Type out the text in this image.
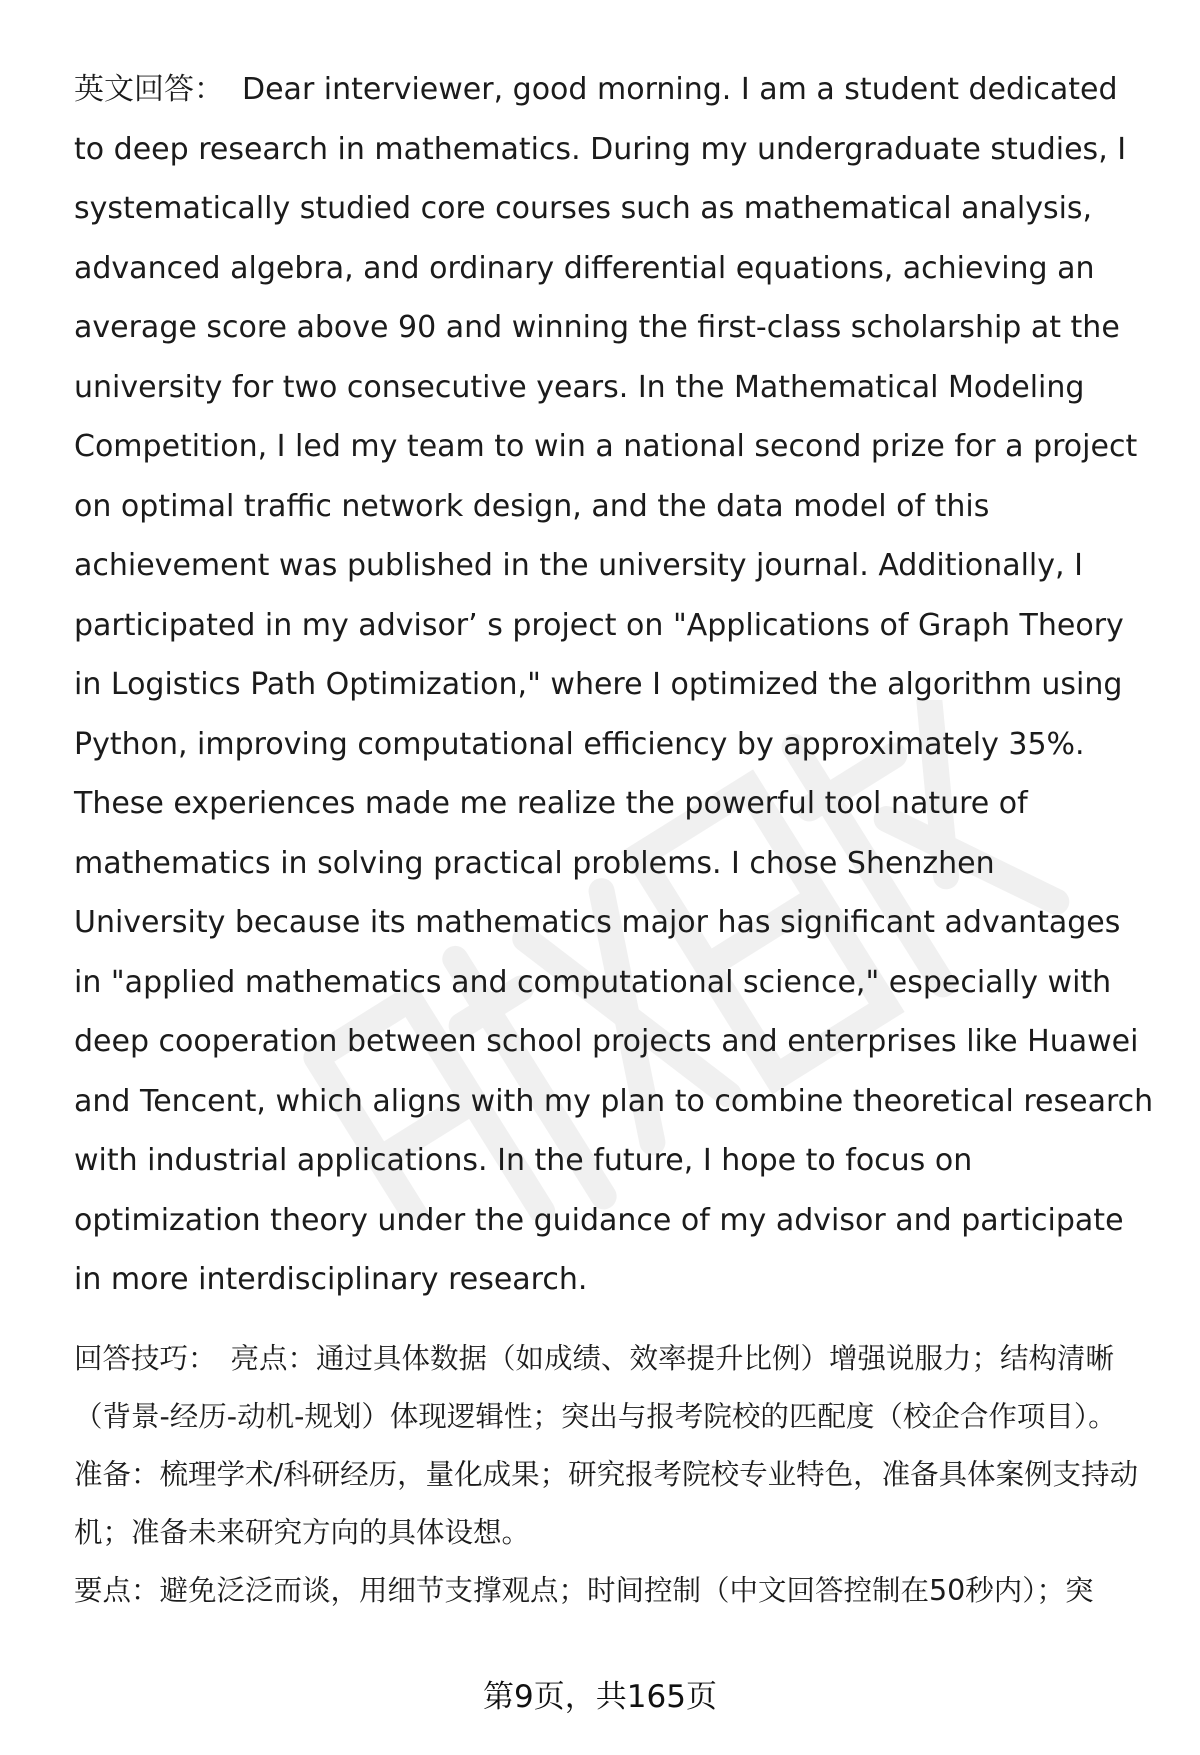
英文回答： Dear interviewer, good morning. I am a student dedicated to deep research in mathematics. During my undergraduate studies, I systematically studied core courses such as mathematical analysis, advanced algebra, and ordinary differential equations, achieving an average score above 90 and winning the first-class scholarship at the university for two consecutive years. In the Mathematical Modeling Competition, I led my team to win a national second prize for a project on optimal traffic network design, and the data model of this achievement was published in the university journal. Additionally, I participated in my advisor’ s project on "Applications of Graph Theory in Logistics Path Optimization," where I optimized the algorithm using Python, improving computational efficiency by approximately 35%. These experiences made me realize the powerful tool nature of mathematics in solving practical problems. I chose Shenzhen University because its mathematics major has significant advantages in "applied mathematics and computational science," especially with deep cooperation between school projects and enterprises like Huawei and Tencent, which aligns with my plan to combine theoretical research with industrial applications. In the future, I hope to focus on optimization theory under the guidance of my advisor and participate in more interdisciplinary research.

回答技巧： 亮点：通过具体数据（如成绩、效率提升比例）增强说服力；结构清晰（背景-经历-动机-规划）体现逻辑性；突出与报考院校的匹配度（校企合作项目）。

准备：梳理学术/科研经历，量化成果；研究报考院校专业特色，准备具体案例支持动机；准备未来研究方向的具体设想。

要点：避免泛泛而谈，用细节支撑观点；时间控制（中文回答控制在50秒内）；突

第9页，共165页
